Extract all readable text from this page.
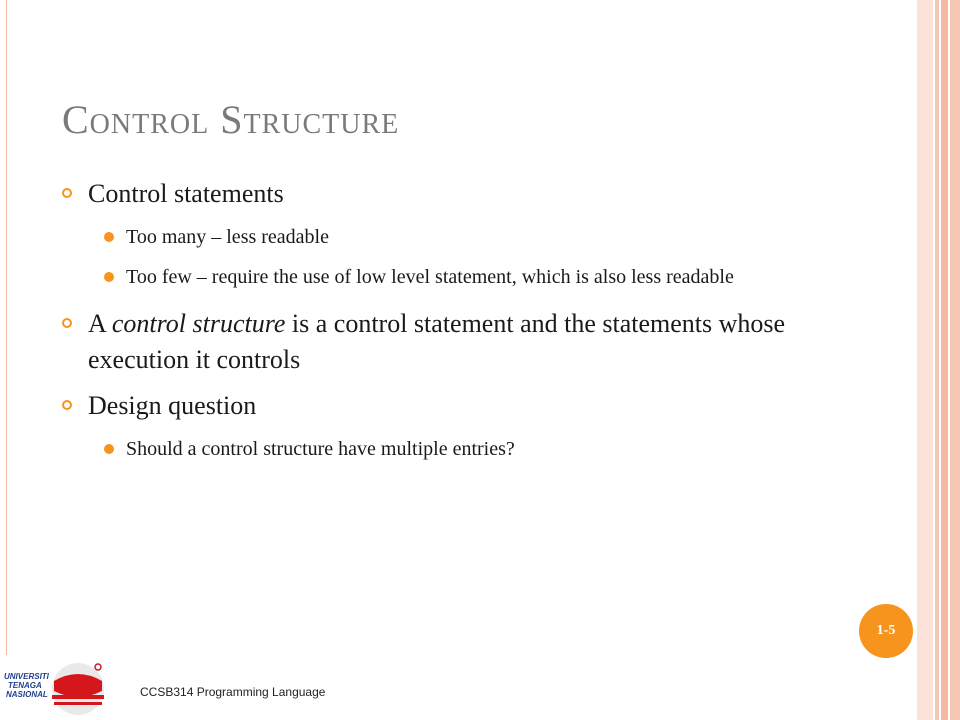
Control Structure

Control statements

Too many – less readable

Too few – require the use of low level statement, which is also less readable

A control structure is a control statement and the statements whose execution it controls

Design question

Should a control structure have multiple entries?

1-5
CCSB314 Programming Language
UNIVERSITI
TENAGA
NASIONAL
